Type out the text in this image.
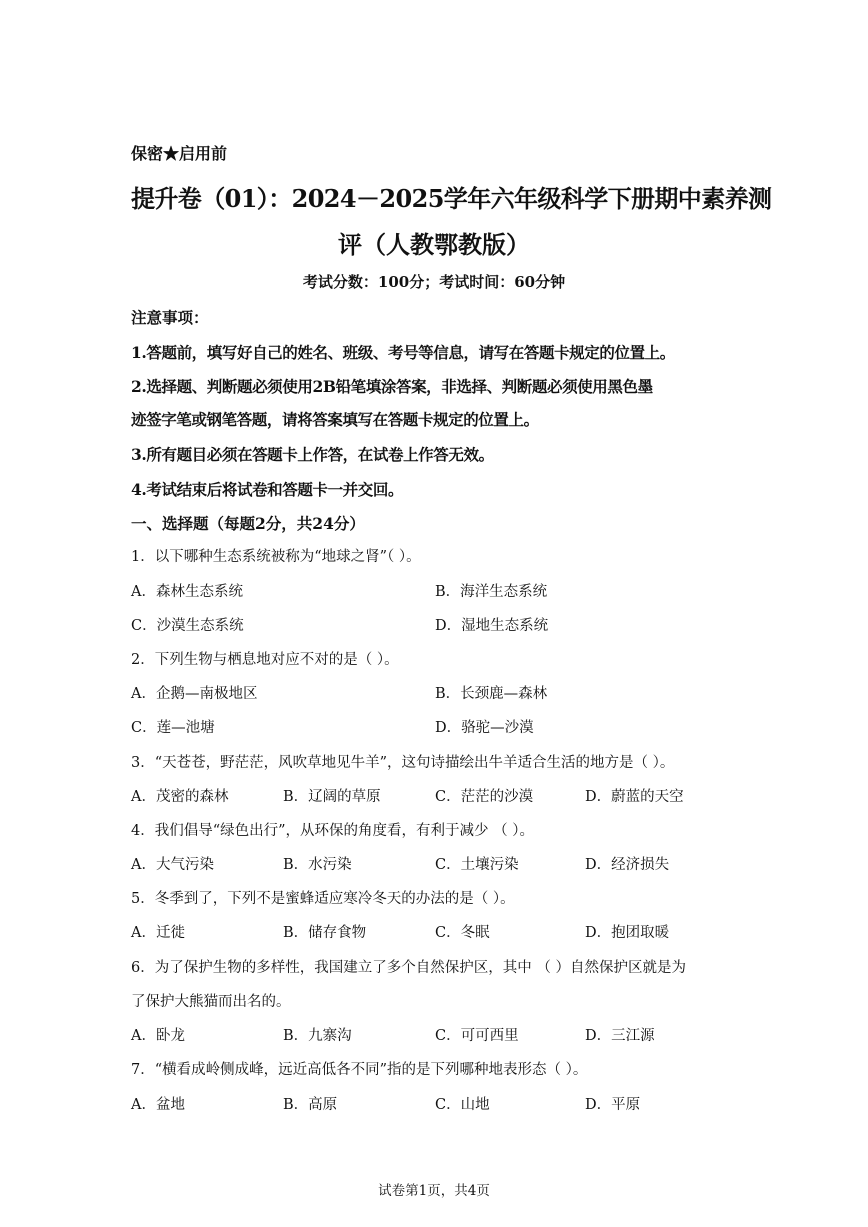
保密★启用前
提升卷（01）：2024－2025学年六年级科学下册期中素养测
评（人教鄂教版）
考试分数：100分；考试时间：60分钟
注意事项：
1.答题前，填写好自己的姓名、班级、考号等信息，请写在答题卡规定的位置上。
2.选择题、判断题必须使用2B铅笔填涂答案，非选择、判断题必须使用黑色墨
迹签字笔或钢笔答题，请将答案填写在答题卡规定的位置上。
3.所有题目必须在答题卡上作答，在试卷上作答无效。
4.考试结束后将试卷和答题卡一并交回。
一、选择题（每题2分，共24分）
1．以下哪种生态系统被称为“地球之肾”（ ）。
A．森林生态系统	B．海洋生态系统
C．沙漠生态系统	D．湿地生态系统
2．下列生物与栖息地对应不对的是（ ）。
A．企鹅—南极地区	B．长颈鹿—森林
C．莲—池塘	D．骆驼—沙漠
3．“天苍苍，野茫茫，风吹草地见牛羊”，这句诗描绘出牛羊适合生活的地方是（ ）。
A．茂密的森林	B．辽阔的草原	C．茫茫的沙漠	D．蔚蓝的天空
4．我们倡导“绿色出行”，从环保的角度看，有利于减少 （ ）。
A．大气污染	B．水污染	C．土壤污染	D．经济损失
5．冬季到了，下列不是蜜蜂适应寒冷冬天的办法的是（ ）。
A．迁徙	B．储存食物	C．冬眠	D．抱团取暖
6．为了保护生物的多样性，我国建立了多个自然保护区，其中 （ ）自然保护区就是为
了保护大熊猫而出名的。
A．卧龙	B．九寨沟	C．可可西里	D．三江源
7．“横看成岭侧成峰，远近高低各不同”指的是下列哪种地表形态（ ）。
A．盆地	B．高原	C．山地	D．平原
试卷第1页，共4页
